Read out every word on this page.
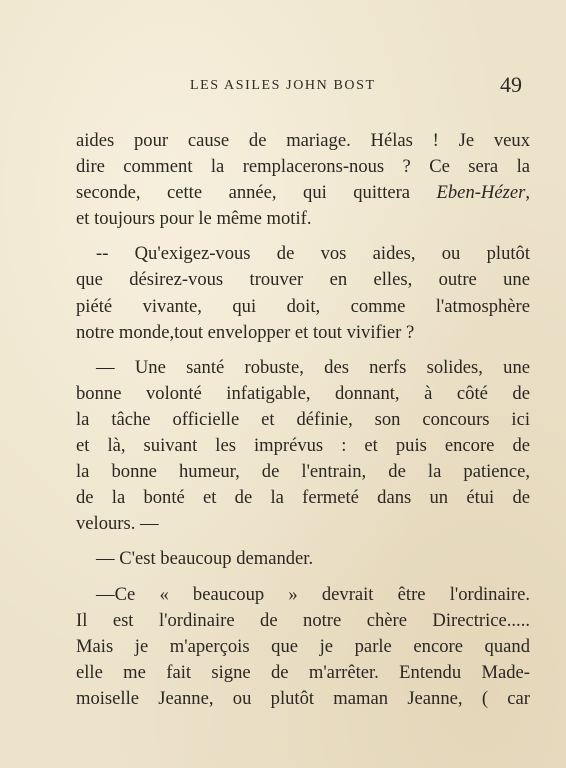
LES ASILES JOHN BOST	49
aides pour cause de mariage. Hélas ! Je veux
dire comment la remplacerons-nous ? Ce sera la
seconde, cette année, qui quittera Eben-Hézer,
et toujours pour le même motif.
-- Qu'exigez-vous de vos aides, ou plutôt
que désirez-vous trouver en elles, outre une
piété vivante, qui doit, comme l'atmosphère
notre monde,tout envelopper et tout vivifier ?
— Une santé robuste, des nerfs solides, une
bonne volonté infatigable, donnant, à côté de
la tâche officielle et définie, son concours ici
et là, suivant les imprévus : et puis encore de
la bonne humeur, de l'entrain, de la patience,
de la bonté et de la fermeté dans un étui de
velours. —
— C'est beaucoup demander.
—Ce « beaucoup » devrait être l'ordinaire.
Il est l'ordinaire de notre chère Directrice.....
Mais je m'aperçois que je parle encore quand
elle me fait signe de m'arrêter. Entendu Made-
moiselle Jeanne, ou plutôt maman Jeanne, ( car
